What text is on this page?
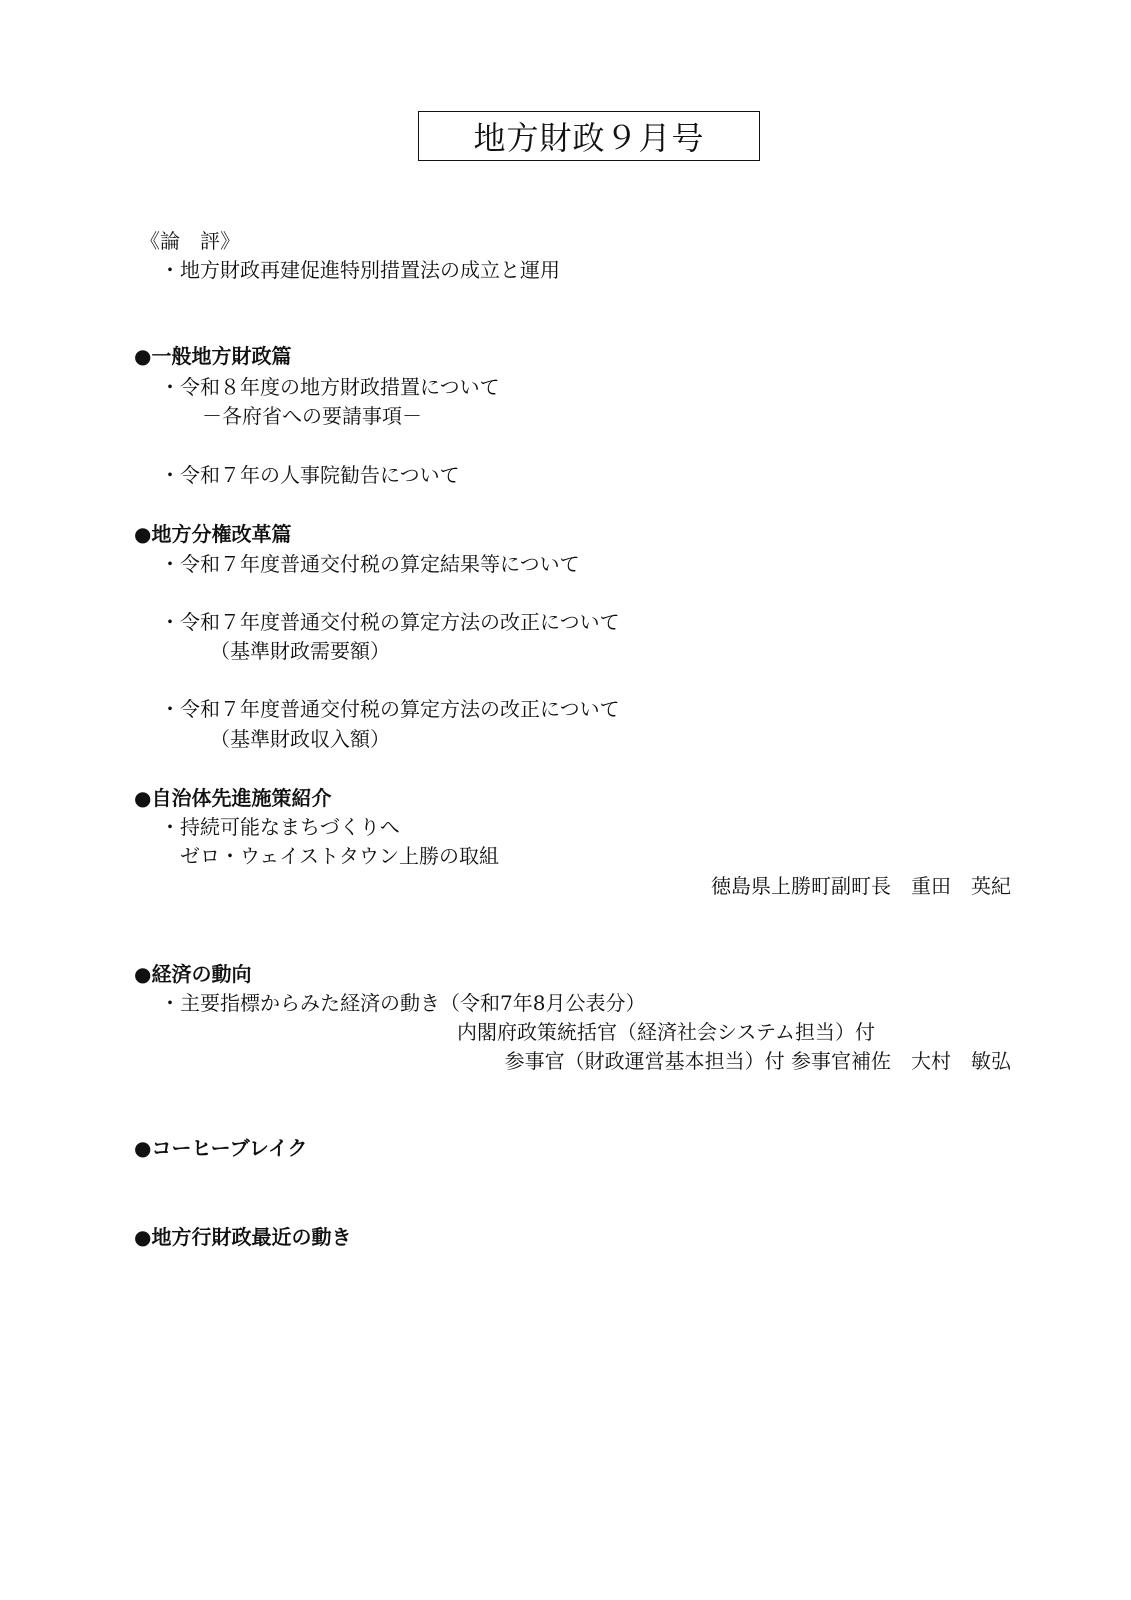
地方財政９月号
《論　評》
・地方財政再建促進特別措置法の成立と運用
●一般地方財政篇
・令和８年度の地方財政措置について
－各府省への要請事項－
・令和７年の人事院勧告について
●地方分権改革篇
・令和７年度普通交付税の算定結果等について
・令和７年度普通交付税の算定方法の改正について
（基準財政需要額）
・令和７年度普通交付税の算定方法の改正について
（基準財政収入額）
●自治体先進施策紹介
・持続可能なまちづくりへ
ゼロ・ウェイストタウン上勝の取組
徳島県上勝町副町長　重田　英紀
●経済の動向
・主要指標からみた経済の動き（令和7年8月公表分）
内閣府政策統括官（経済社会システム担当）付
参事官（財政運営基本担当）付 参事官補佐　大村　敏弘
●コーヒーブレイク
●地方行財政最近の動き
